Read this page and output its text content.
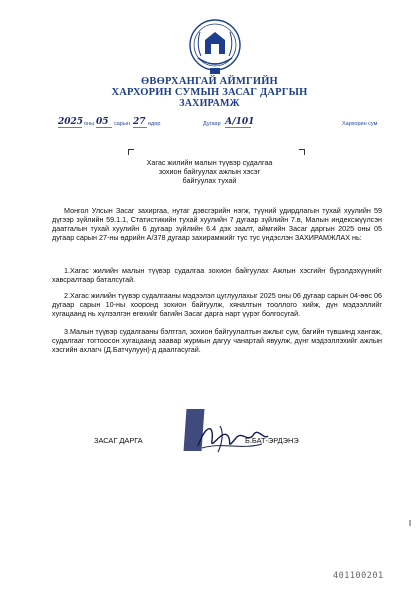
ӨВӨРХАНГАЙ АЙМГИЙН
ХАРХОРИН СУМЫН ЗАСАГ ДАРГЫН
ЗАХИРАМЖ
2025 оны 05 сарын 27 өдөр	Дугаар А/101	Хархорин сум
Хагас жилийн малын түүвэр судалгаа
зохион байгуулах ажлын хэсэг
байгуулах тухай

Монгол Улсын Засаг захиргаа, нутаг дэвсгэрийн нэгж, түүний удирдлагын тухай хуулийн 59 дүгээр зүйлийн 59.1.1, Статистикийн тухай хуулийн 7 дугаар зүйлийн 7.в, Малын индексжүүлсэн даатгалын тухай хуулийн 6 дугаар зүйлийн 6.4 дэх заалт, аймгийн Засаг даргын 2025 оны 05 дугаар сарын 27-ны өдрийн А/378 дугаар захирамжийг тус тус үндэслэн ЗАХИРАМЖЛАХ нь:

1.Хагас жилийн малын түүвэр судалгаа зохион байгуулах Ажлын хэсгийн бүрэлдэхүүнийг хавсралтаар баталсугай.

2.Хагас жилийн түүвэр судалгааны мэдээлэл цуглуулахыг 2025 оны 06 дугаар сарын 04-өөс 06 дугаар сарын 10-ны хооронд зохион байгуулж, хяналтын тооллого хийж, дүн мэдээллийг хугацаанд нь хүлээлгэн өгөхийг багийн Засаг дарга нарт үүрэг болгосугай.

3.Малын түүвэр судалгааны бэлтгэл, зохион байгуулалтын ажлыг сум, багийн түвшинд хангаж, судалгааг тогтоосон хугацаанд заавар журмын дагуу чанартай явуулж, дүнг мэдээллэхийг ажлын хэсгийн ахлагч (Д.Батчулуун)-д даалгасугай.

ЗАСАГ ДАРГА	Б.БАТ-ЭРДЭНЭ
401100201
